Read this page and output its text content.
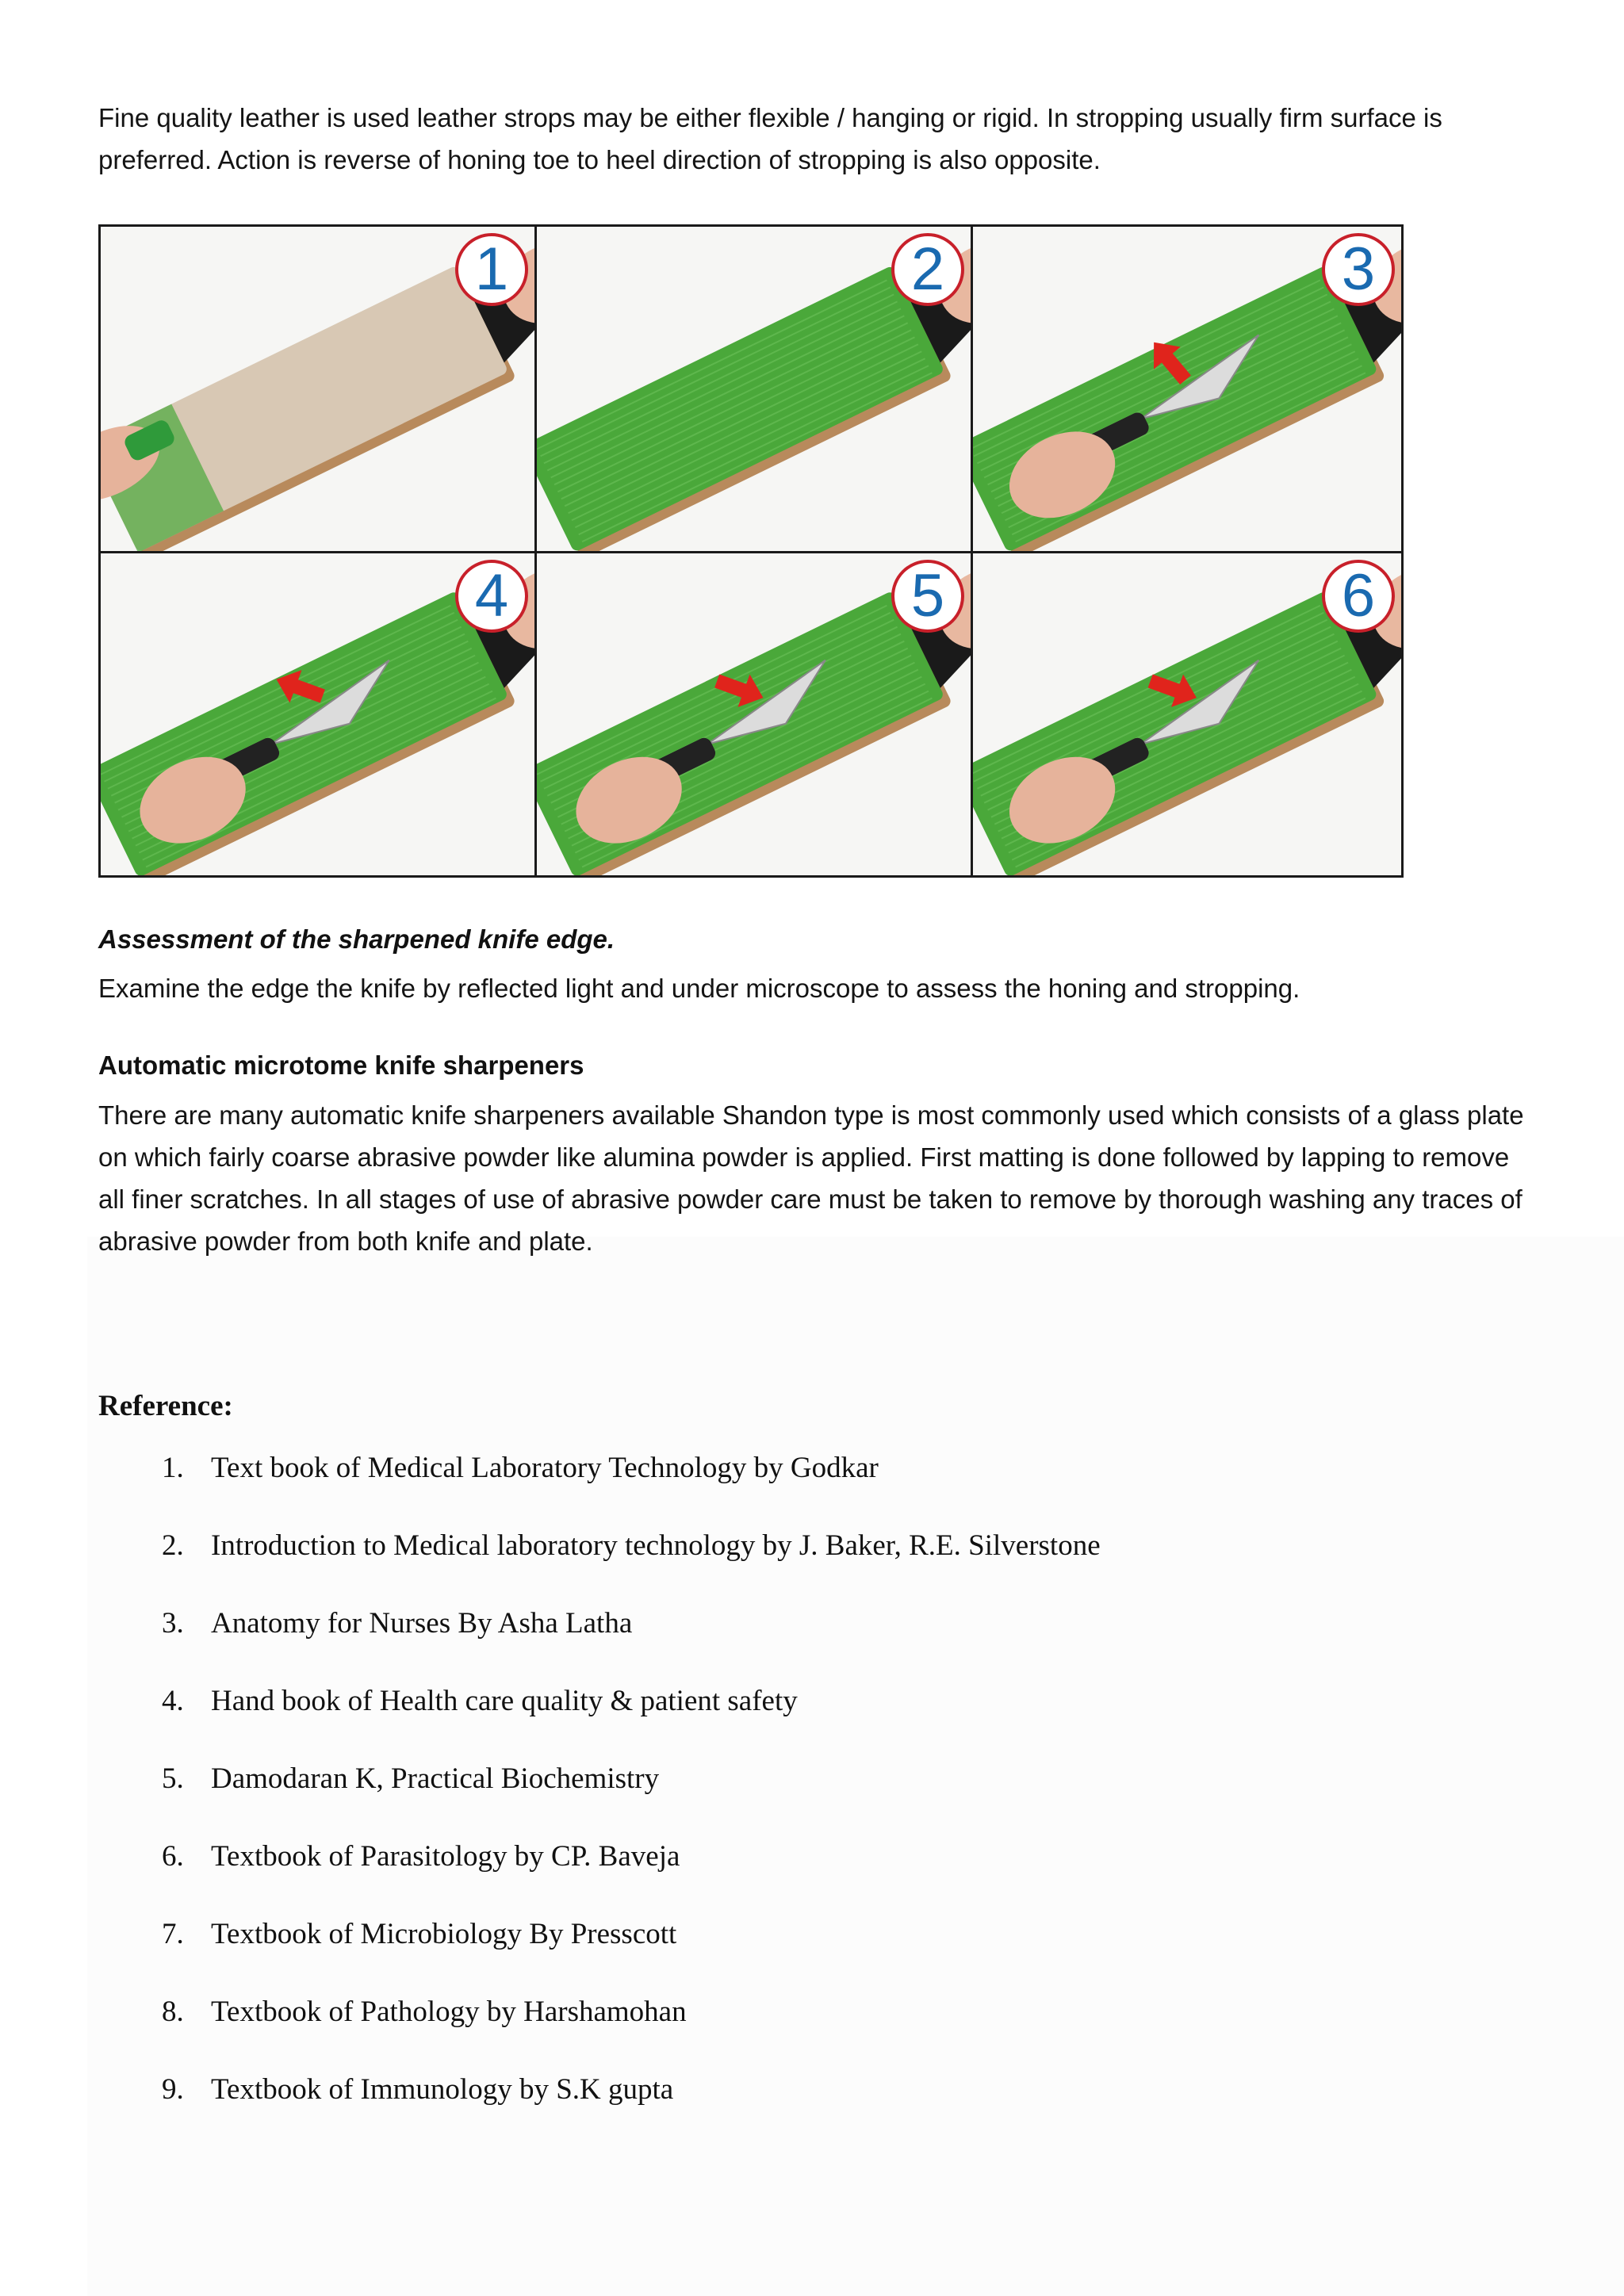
Fine quality leather is used leather strops may be either flexible / hanging or rigid. In stropping usually firm surface is preferred. Action is reverse of honing toe to heel direction of stropping is also opposite.

1	2	3
4	5	6
Assessment of the sharpened knife edge.

Examine the edge the knife by reflected light and under microscope to assess the honing and stropping.

Automatic microtome knife sharpeners

There are many automatic knife sharpeners available Shandon type is most commonly used which consists of a glass plate on which fairly coarse abrasive powder like alumina powder is applied. First matting is done followed by lapping to remove all finer scratches. In all stages of use of abrasive powder care must be taken to remove by thorough washing any traces of abrasive powder from both knife and plate.

Reference:
1. Text book of Medical Laboratory Technology by Godkar
2. Introduction to Medical laboratory technology by J. Baker, R.E. Silverstone
3. Anatomy for Nurses By Asha Latha
4. Hand book of Health care quality & patient safety
5. Damodaran K, Practical Biochemistry
6. Textbook of Parasitology by CP. Baveja
7. Textbook of Microbiology By Presscott
8. Textbook of Pathology by Harshamohan
9. Textbook of Immunology by S.K gupta
